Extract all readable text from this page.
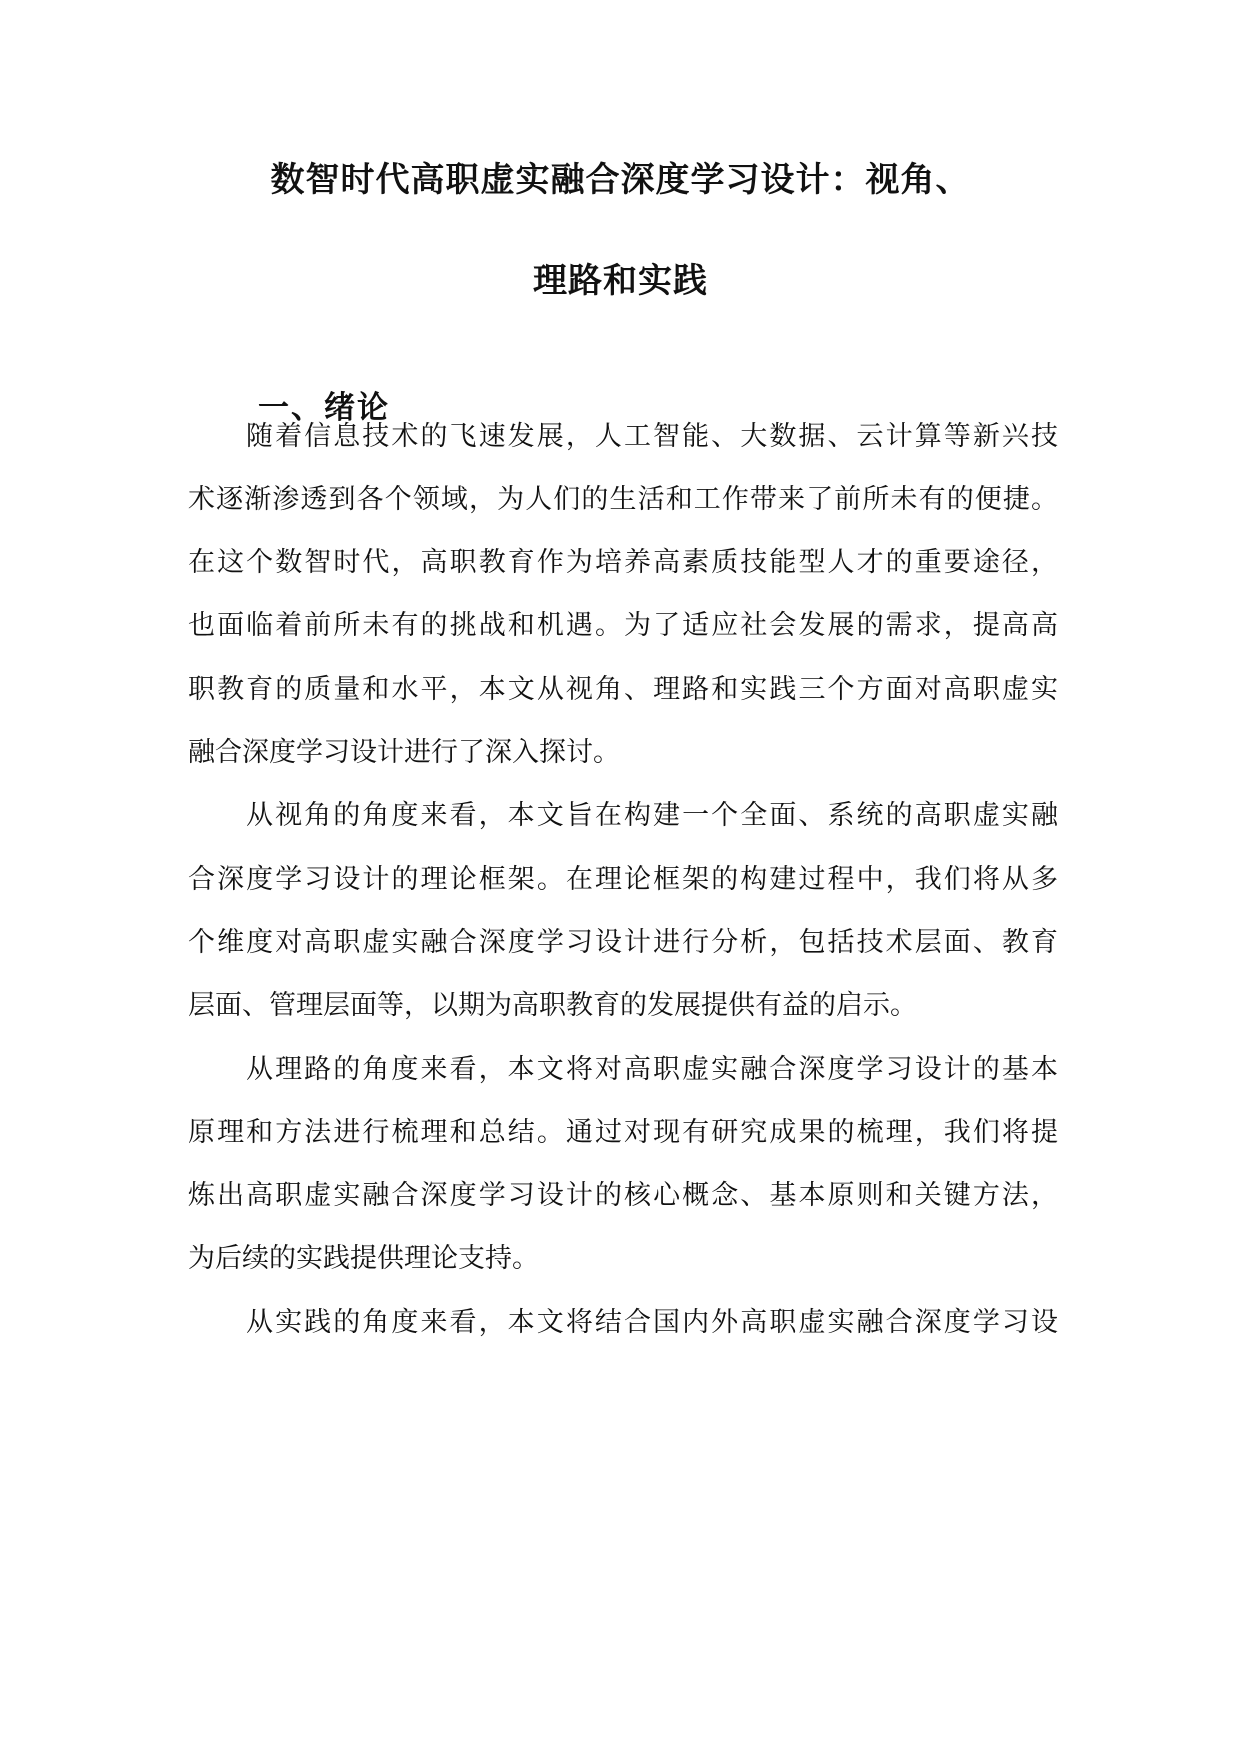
数智时代高职虚实融合深度学习设计：视角、
理路和实践
一、绪论
随着信息技术的飞速发展，人工智能、大数据、云计算等新兴技
术逐渐渗透到各个领域，为人们的生活和工作带来了前所未有的便捷。
在这个数智时代，高职教育作为培养高素质技能型人才的重要途径，
也面临着前所未有的挑战和机遇。为了适应社会发展的需求，提高高
职教育的质量和水平，本文从视角、理路和实践三个方面对高职虚实
融合深度学习设计进行了深入探讨。
从视角的角度来看，本文旨在构建一个全面、系统的高职虚实融
合深度学习设计的理论框架。在理论框架的构建过程中，我们将从多
个维度对高职虚实融合深度学习设计进行分析，包括技术层面、教育
层面、管理层面等，以期为高职教育的发展提供有益的启示。
从理路的角度来看，本文将对高职虚实融合深度学习设计的基本
原理和方法进行梳理和总结。通过对现有研究成果的梳理，我们将提
炼出高职虚实融合深度学习设计的核心概念、基本原则和关键方法，
为后续的实践提供理论支持。
从实践的角度来看，本文将结合国内外高职虚实融合深度学习设
